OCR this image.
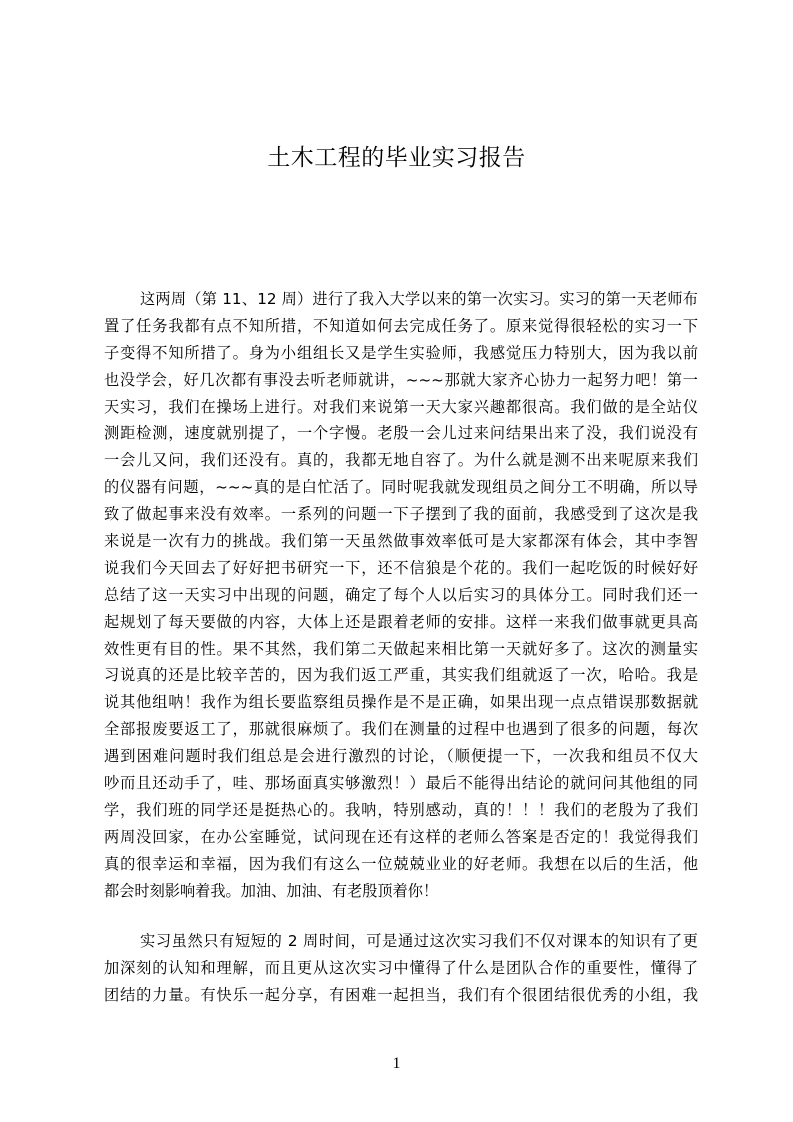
土木工程的毕业实习报告
这两周（第 11、12 周）进行了我入大学以来的第一次实习。实习的第一天老师布
置了任务我都有点不知所措，不知道如何去完成任务了。原来觉得很轻松的实习一下
子变得不知所措了。身为小组组长又是学生实验师，我感觉压力特别大，因为我以前
也没学会，好几次都有事没去听老师就讲，~~~那就大家齐心协力一起努力吧！第一
天实习，我们在操场上进行。对我们来说第一天大家兴趣都很高。我们做的是全站仪
测距检测，速度就别提了，一个字慢。老殷一会儿过来问结果出来了没，我们说没有
一会儿又问，我们还没有。真的，我都无地自容了。为什么就是测不出来呢原来我们
的仪器有问题，~~~真的是白忙活了。同时呢我就发现组员之间分工不明确，所以导
致了做起事来没有效率。一系列的问题一下子摆到了我的面前，我感受到了这次是我
来说是一次有力的挑战。我们第一天虽然做事效率低可是大家都深有体会，其中李智
说我们今天回去了好好把书研究一下，还不信狼是个花的。我们一起吃饭的时候好好
总结了这一天实习中出现的问题，确定了每个人以后实习的具体分工。同时我们还一
起规划了每天要做的内容，大体上还是跟着老师的安排。这样一来我们做事就更具高
效性更有目的性。果不其然，我们第二天做起来相比第一天就好多了。这次的测量实
习说真的还是比较辛苦的，因为我们返工严重，其实我们组就返了一次，哈哈。我是
说其他组呐！我作为组长要监察组员操作是不是正确，如果出现一点点错误那数据就
全部报废要返工了，那就很麻烦了。我们在测量的过程中也遇到了很多的问题，每次
遇到困难问题时我们组总是会进行激烈的讨论，（顺便提一下，一次我和组员不仅大
吵而且还动手了，哇、那场面真实够激烈！）最后不能得出结论的就问问其他组的同
学，我们班的同学还是挺热心的。我呐，特别感动，真的！！！我们的老殷为了我们
两周没回家，在办公室睡觉，试问现在还有这样的老师么答案是否定的！我觉得我们
真的很幸运和幸福，因为我们有这么一位兢兢业业的好老师。我想在以后的生活，他
都会时刻影响着我。加油、加油、有老殷顶着你！
实习虽然只有短短的 2 周时间，可是通过这次实习我们不仅对课本的知识有了更
加深刻的认知和理解，而且更从这次实习中懂得了什么是团队合作的重要性，懂得了
团结的力量。有快乐一起分享，有困难一起担当，我们有个很团结很优秀的小组，我
1
